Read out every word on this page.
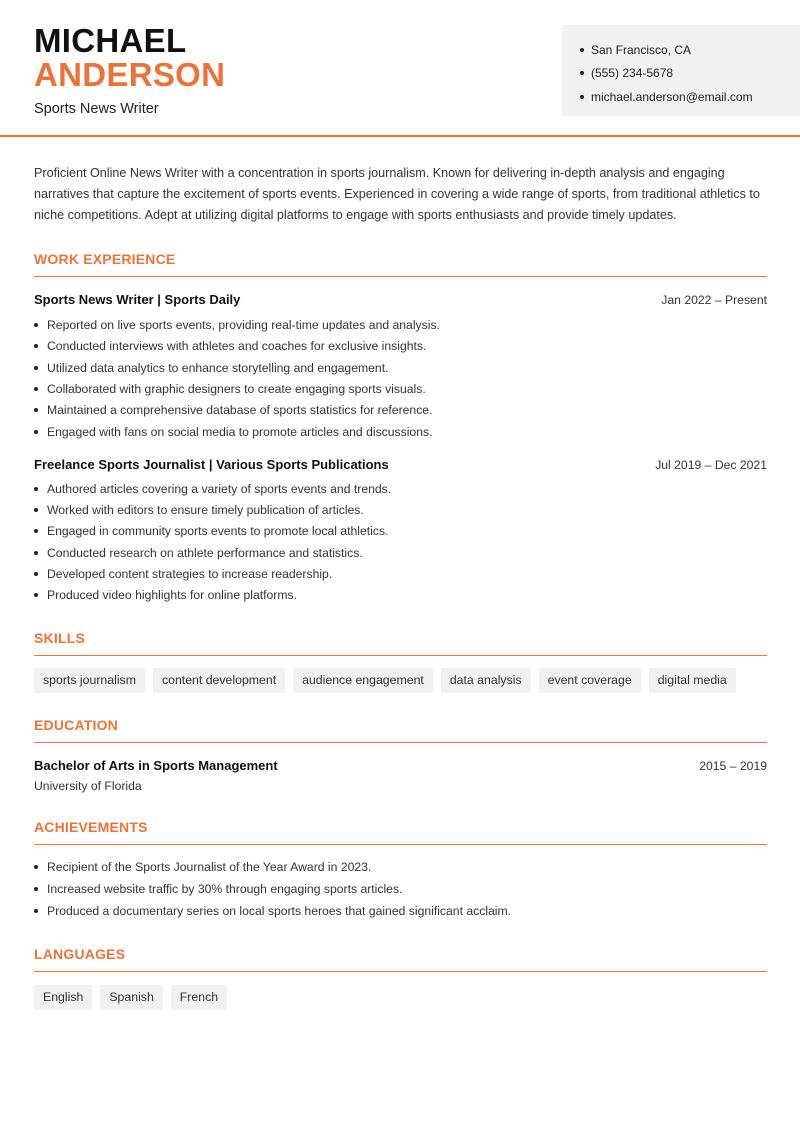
MICHAEL
ANDERSON
Sports News Writer
San Francisco, CA
(555) 234-5678
michael.anderson@email.com

Proficient Online News Writer with a concentration in sports journalism. Known for delivering in-depth analysis and engaging narratives that capture the excitement of sports events. Experienced in covering a wide range of sports, from traditional athletics to niche competitions. Adept at utilizing digital platforms to engage with sports enthusiasts and provide timely updates.

WORK EXPERIENCE
Sports News Writer | Sports Daily	Jan 2022 – Present
Reported on live sports events, providing real-time updates and analysis.
Conducted interviews with athletes and coaches for exclusive insights.
Utilized data analytics to enhance storytelling and engagement.
Collaborated with graphic designers to create engaging sports visuals.
Maintained a comprehensive database of sports statistics for reference.
Engaged with fans on social media to promote articles and discussions.
Freelance Sports Journalist | Various Sports Publications	Jul 2019 – Dec 2021
Authored articles covering a variety of sports events and trends.
Worked with editors to ensure timely publication of articles.
Engaged in community sports events to promote local athletics.
Conducted research on athlete performance and statistics.
Developed content strategies to increase readership.
Produced video highlights for online platforms.
SKILLS
sports journalism	content development	audience engagement	data analysis	event coverage	digital media
EDUCATION
Bachelor of Arts in Sports Management	2015 – 2019
University of Florida
ACHIEVEMENTS
Recipient of the Sports Journalist of the Year Award in 2023.
Increased website traffic by 30% through engaging sports articles.
Produced a documentary series on local sports heroes that gained significant acclaim.
LANGUAGES
English	Spanish	French
